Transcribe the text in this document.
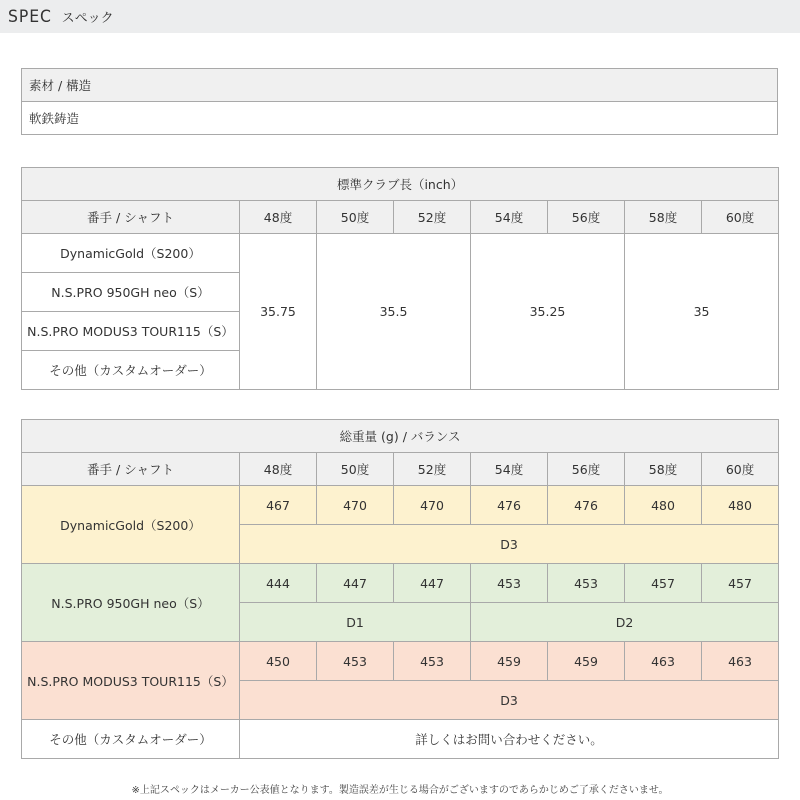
SPEC スペック
素材 / 構造
軟鉄鋳造
標準クラブ長（inch）							
番手 / シャフト	48度	50度	52度	54度	56度	58度	60度
DynamicGold（S200）	35.75	35.5		35.25		35	
N.S.PRO 950GH neo（S）							
N.S.PRO MODUS3 TOUR115（S）							
その他（カスタムオーダー）							
総重量 (g) / バランス							
番手 / シャフト	48度	50度	52度	54度	56度	58度	60度
DynamicGold（S200）	467	470	470	476	476	480	480
	D3						
N.S.PRO 950GH neo（S）	444	447	447	453	453	457	457
	D1			D2			
N.S.PRO MODUS3 TOUR115（S）	450	453	453	459	459	463	463
	D3						
その他（カスタムオーダー）	詳しくはお問い合わせください。						
※上記スペックはメーカー公表値となります。製造誤差が生じる場合がございますのであらかじめご了承くださいませ。
